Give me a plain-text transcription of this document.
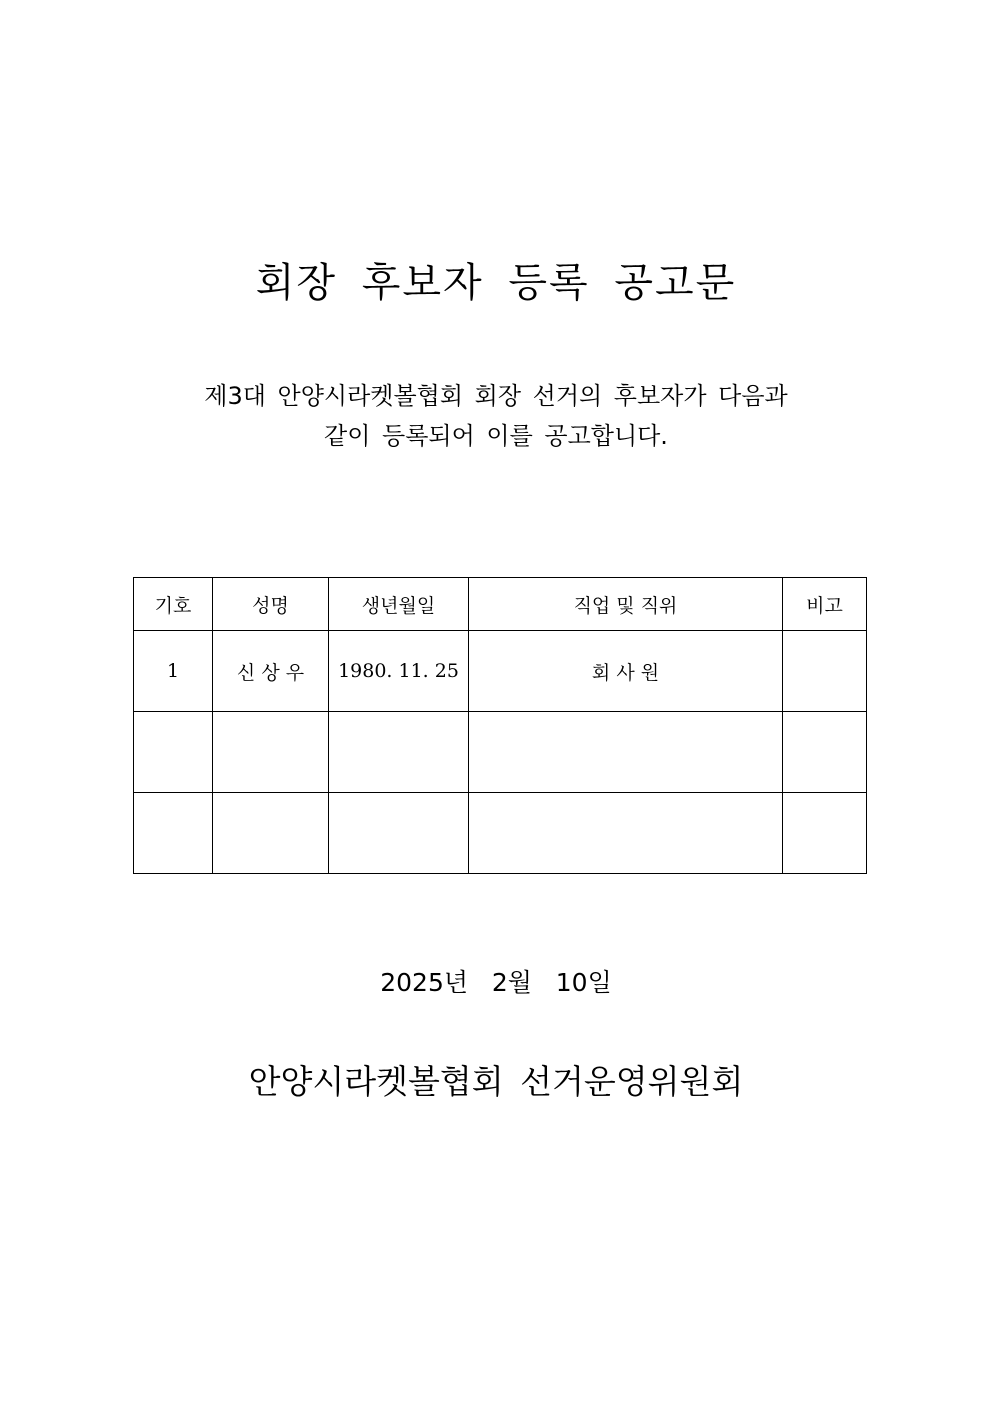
회장 후보자 등록 공고문
제3대 안양시라켓볼협회 회장 선거의 후보자가 다음과
같이 등록되어 이를 공고합니다.
기호	성명	생년월일	직업 및 직위	비고
1	신 상 우	1980. 11. 25	회 사 원	

2025년   2월   10일
안양시라켓볼협회 선거운영위원회
